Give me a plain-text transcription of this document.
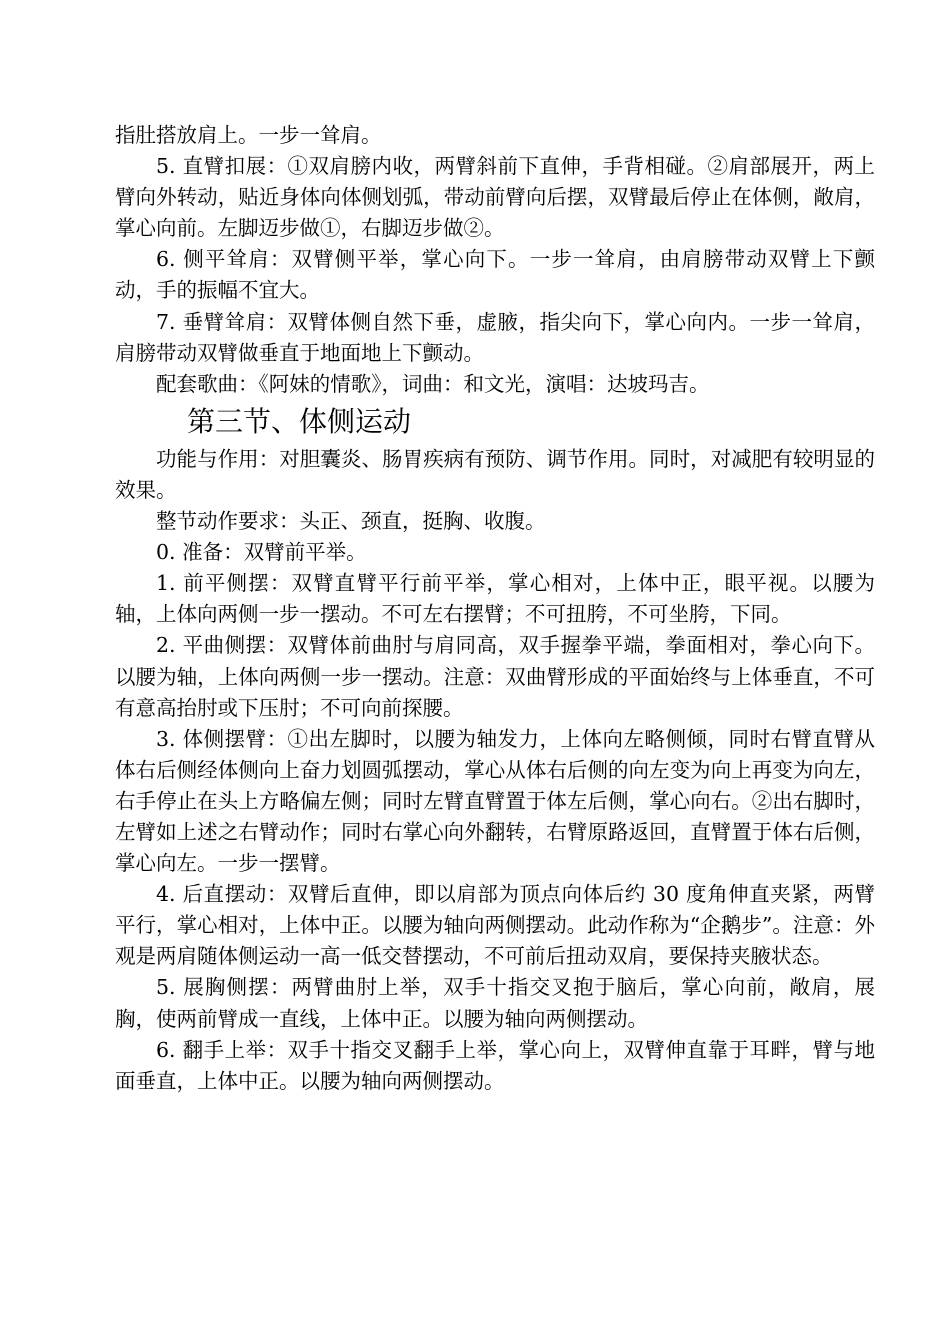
指肚搭放肩上。一步一耸肩。

5. 直臂扣展：①双肩膀内收，两臂斜前下直伸，手背相碰。②肩部展开，两上臂向外转动，贴近身体向体侧划弧，带动前臂向后摆，双臂最后停止在体侧，敞肩，掌心向前。左脚迈步做①，右脚迈步做②。

6. 侧平耸肩：双臂侧平举，掌心向下。一步一耸肩，由肩膀带动双臂上下颤动，手的振幅不宜大。

7. 垂臂耸肩：双臂体侧自然下垂，虚腋，指尖向下，掌心向内。一步一耸肩，肩膀带动双臂做垂直于地面地上下颤动。

配套歌曲：《阿妹的情歌》，词曲：和文光，演唱：达坡玛吉。

第三节、体侧运动

功能与作用：对胆囊炎、肠胃疾病有预防、调节作用。同时，对减肥有较明显的效果。

整节动作要求：头正、颈直，挺胸、收腹。

0. 准备：双臂前平举。

1. 前平侧摆：双臂直臂平行前平举，掌心相对，上体中正，眼平视。以腰为轴，上体向两侧一步一摆动。不可左右摆臂；不可扭胯，不可坐胯，下同。

2. 平曲侧摆：双臂体前曲肘与肩同高，双手握拳平端，拳面相对，拳心向下。以腰为轴，上体向两侧一步一摆动。注意：双曲臂形成的平面始终与上体垂直，不可有意高抬肘或下压肘；不可向前探腰。

3. 体侧摆臂：①出左脚时，以腰为轴发力，上体向左略侧倾，同时右臂直臂从体右后侧经体侧向上奋力划圆弧摆动，掌心从体右后侧的向左变为向上再变为向左，右手停止在头上方略偏左侧；同时左臂直臂置于体左后侧，掌心向右。②出右脚时，左臂如上述之右臂动作；同时右掌心向外翻转，右臂原路返回，直臂置于体右后侧，掌心向左。一步一摆臂。

4. 后直摆动：双臂后直伸，即以肩部为顶点向体后约 30 度角伸直夹紧，两臂平行，掌心相对，上体中正。以腰为轴向两侧摆动。此动作称为“企鹅步”。注意：外观是两肩随体侧运动一高一低交替摆动，不可前后扭动双肩，要保持夹腋状态。

5. 展胸侧摆：两臂曲肘上举，双手十指交叉抱于脑后，掌心向前，敞肩，展胸，使两前臂成一直线，上体中正。以腰为轴向两侧摆动。

6. 翻手上举：双手十指交叉翻手上举，掌心向上，双臂伸直靠于耳畔，臂与地面垂直，上体中正。以腰为轴向两侧摆动。
